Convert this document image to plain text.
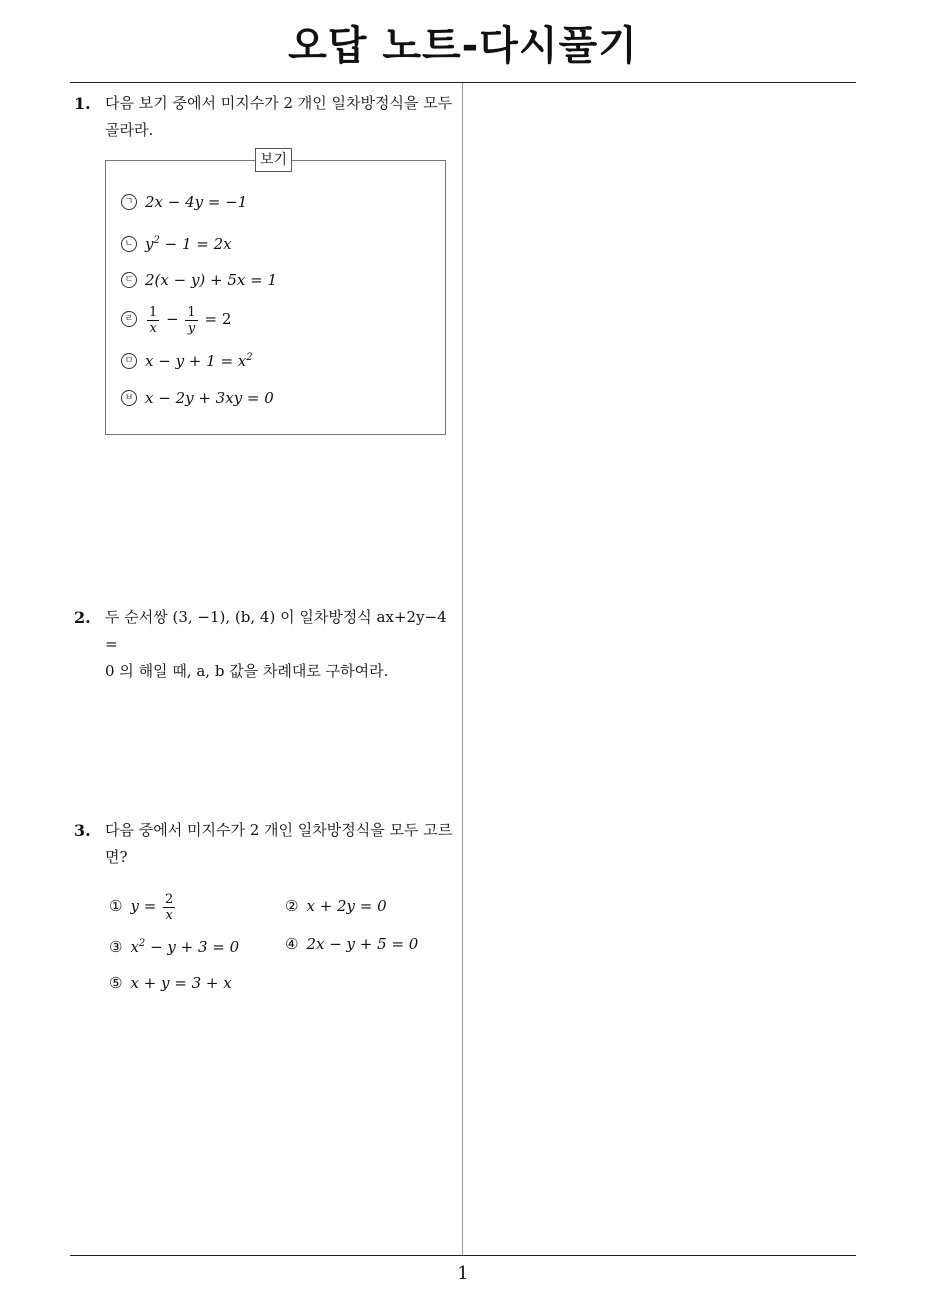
오답 노트-다시풀기
1. 다음 보기 중에서 미지수가 2 개인 일차방정식을 모두
골라라.
보기
ㄱ 2x − 4y = −1
ㄴ $y^2 - 1 = 2x$
ㄷ 2(x − y) + 5x = 1
ㄹ $\frac{1}{x} - \frac{1}{y} = 2$
ㅁ $x - y + 1 = x^2$
ㅂ x − 2y + 3xy = 0
2. 두 순서쌍 (3, −1), (b, 4) 이 일차방정식 ax+2y−4 =
0 의 해일 때, a, b 값을 차례대로 구하여라.
3. 다음 중에서 미지수가 2 개인 일차방정식을 모두 고르
면?
① $y = \frac{2}{x}$	② x + 2y = 0
③ $x^2 - y + 3 = 0$	④ 2x − y + 5 = 0
⑤ x + y = 3 + x
1
